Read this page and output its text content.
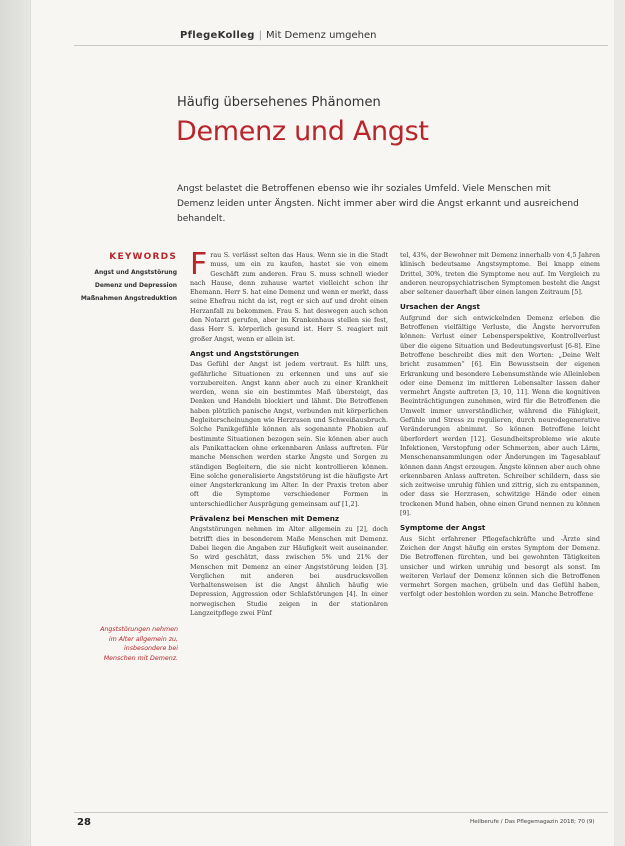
PflegeKolleg | Mit Demenz umgehen
Häufig übersehenes Phänomen
Demenz und Angst
Angst belastet die Betroffenen ebenso wie ihr soziales Umfeld. Viele Menschen mit Demenz leiden unter Ängsten. Nicht immer aber wird die Angst erkannt und ausreichend behandelt.
KEYWORDS
Angst und Angststörung
Demenz und Depression
Maßnahmen Angstreduktion

Frau S. verlässt selten das Haus. Wenn sie in die Stadt muss, um ein zu kaufen, hastet sie von einem Geschäft zum anderen. Frau S. muss schnell wieder nach Hause, denn zuhause wartet vielleicht schon ihr Ehemann. Herr S. hat eine Demenz und wenn er merkt, dass seine Ehefrau nicht da ist, regt er sich auf und droht einen Herzanfall zu bekommen. Frau S. hat deswegen auch schon den Notarzt gerufen, aber im Krankenhaus stellen sie fest, dass Herr S. körperlich gesund ist. Herr S. reagiert mit großer Angst, wenn er allein ist.

Angst und Angststörungen

Das Gefühl der Angst ist jedem vertraut. Es hilft uns, gefährliche Situationen zu erkennen und uns auf sie vorzubereiten. Angst kann aber auch zu einer Krankheit werden, wenn sie ein bestimmtes Maß übersteigt, das Denken und Handeln blockiert und lähmt. Die Betroffenen haben plötzlich panische Angst, verbunden mit körperlichen Begleiterscheinungen wie Herzrasen und Schweißausbruch. Solche Panikgefühle können als sogenannte Phobien auf bestimmte Situationen bezogen sein. Sie können aber auch als Panikattacken ohne erkennbaren Anlass auftreten. Für manche Menschen werden starke Ängste und Sorgen zu ständigen Begleitern, die sie nicht kontrollieren können. Eine solche generalisierte Angststörung ist die häufigste Art einer Angsterkrankung im Alter. In der Praxis treten aber oft die Symptome verschiedener Formen in unterschiedlicher Ausprägung gemeinsam auf [1,2].

Prävalenz bei Menschen mit Demenz

Angststörungen nehmen im Alter allgemein zu [2], doch betrifft dies in besonderem Maße Menschen mit Demenz. Dabei liegen die Angaben zur Häufigkeit weit auseinander. So wird geschätzt, dass zwischen 5% und 21% der Menschen mit Demenz an einer Angststörung leiden [3]. Verglichen mit anderen bei ausdrucksvollen Verhaltensweisen ist die Angst ähnlich häufig wie Depression, Aggression oder Schlafstörungen [4]. In einer norwegischen Studie zeigen in der stationären Langzeitpflege zwei Fünf

tel, 43%, der Bewohner mit Demenz innerhalb von 4,5 Jahren klinisch bedeutsame Angstsymptome. Bei knapp einem Drittel, 30%, treten die Symptome neu auf. Im Vergleich zu anderen neuropsychiatrischen Symptomen besteht die Angst aber seltener dauerhaft über einen langen Zeitraum [5].

Ursachen der Angst

Aufgrund der sich entwickelnden Demenz erleben die Betroffenen vielfältige Verluste, die Ängste hervorrufen können: Verlust einer Lebensperspektive, Kontrollverlust über die eigene Situation und Bedeutungsverlust [6-8]. Eine Betroffene beschreibt dies mit den Worten: „Deine Welt bricht zusammen“ [6]. Ein Bewusstsein der eigenen Erkrankung und besondere Lebensumstände wie Alleinleben oder eine Demenz im mittleren Lebensalter lassen daher vermehrt Ängste auftreten [3, 10, 11]. Wenn die kognitiven Beeinträchtigungen zunehmen, wird für die Betroffenen die Umwelt immer unverständlicher, während die Fähigkeit, Gefühle und Stress zu regulieren, durch neurodegenerative Veränderungen abnimmt. So können Betroffene leicht überfordert werden [12]. Gesundheitsprobleme wie akute Infektionen, Verstopfung oder Schmerzen, aber auch Lärm, Menschenansammlungen oder Änderungen im Tagesablauf können dann Angst erzeugen. Ängste können aber auch ohne erkennbaren Anlass auftreten. Schreiber schildern, dass sie sich zeitweise unruhig fühlen und zittrig, sich zu entspannen, oder dass sie Herzrasen, schwitzige Hände oder einen trockenen Mund haben, ohne einen Grund nennen zu können [9].

Symptome der Angst

Aus Sicht erfahrener Pflegefachkräfte und -Ärzte sind Zeichen der Angst häufig ein erstes Symptom der Demenz. Die Betroffenen fürchten, und bei gewohnten Tätigkeiten unsicher und wirken unruhig und besorgt als sonst. Im weiteren Verlauf der Demenz können sich die Betroffenen vermehrt Sorgen machen, grübeln und das Gefühl haben, verfolgt oder bestohlen worden zu sein. Manche Betroffene

Angststörungen nehmen im Alter allgemein zu, insbesondere bei Menschen mit Demenz.
28	Heilberufe / Das Pflegemagazin 2018; 70 (9)
